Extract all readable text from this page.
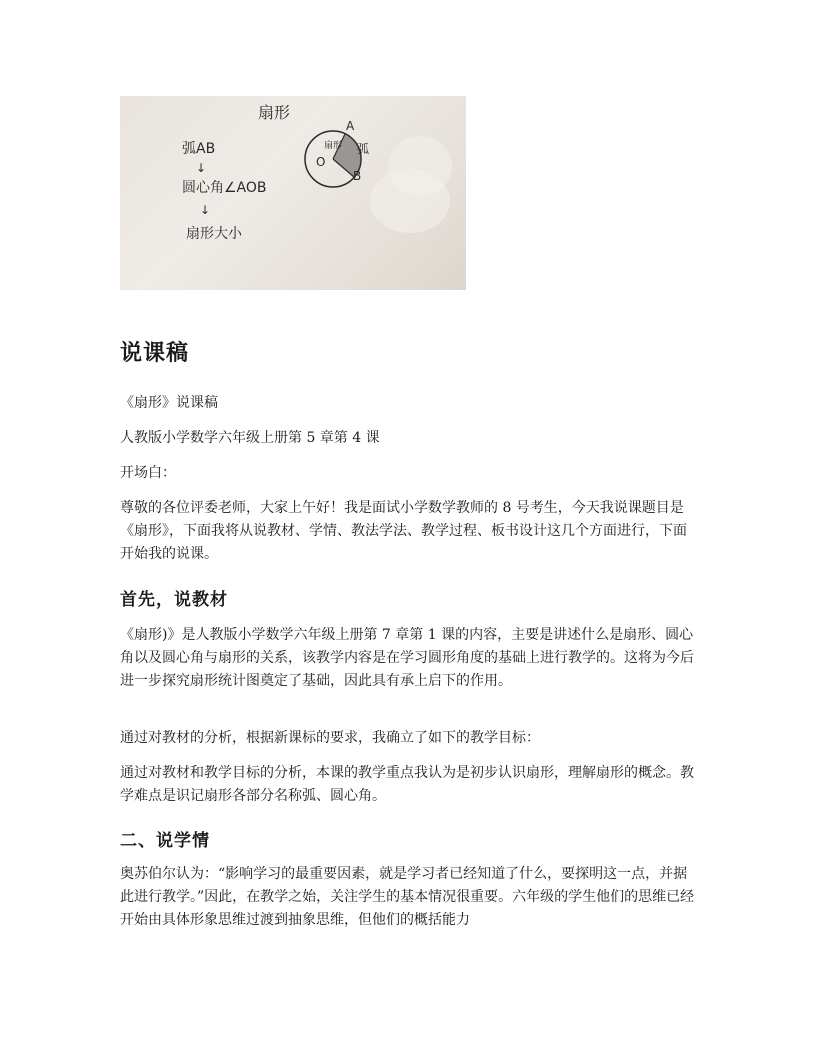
扇形
弧AB
↓
圆心角∠AOB
↓
扇形大小
A
B
O
弧
扇形
说课稿

《扇形》说课稿

人教版小学数学六年级上册第 5 章第 4 课

开场白：

尊敬的各位评委老师，大家上午好！我是面试小学数学教师的 8 号考生，今天我说课题目是《扇形》，下面我将从说教材、学情、教法学法、教学过程、板书设计这几个方面进行，下面开始我的说课。

首先，说教材

《扇形)》是人教版小学数学六年级上册第 7 章第 1 课的内容，主要是讲述什么是扇形、圆心角以及圆心角与扇形的关系，该教学内容是在学习圆形角度的基础上进行教学的。这将为今后进一步探究扇形统计图奠定了基础，因此具有承上启下的作用。

通过对教材的分析，根据新课标的要求，我确立了如下的教学目标：

通过对教材和教学目标的分析，本课的教学重点我认为是初步认识扇形，理解扇形的概念。教学难点是识记扇形各部分名称弧、圆心角。

二、说学情

奥苏伯尔认为：“影响学习的最重要因素，就是学习者已经知道了什么，要探明这一点，并据此进行教学。”因此，在教学之始，关注学生的基本情况很重要。六年级的学生他们的思维已经开始由具体形象思维过渡到抽象思维，但他们的概括能力
